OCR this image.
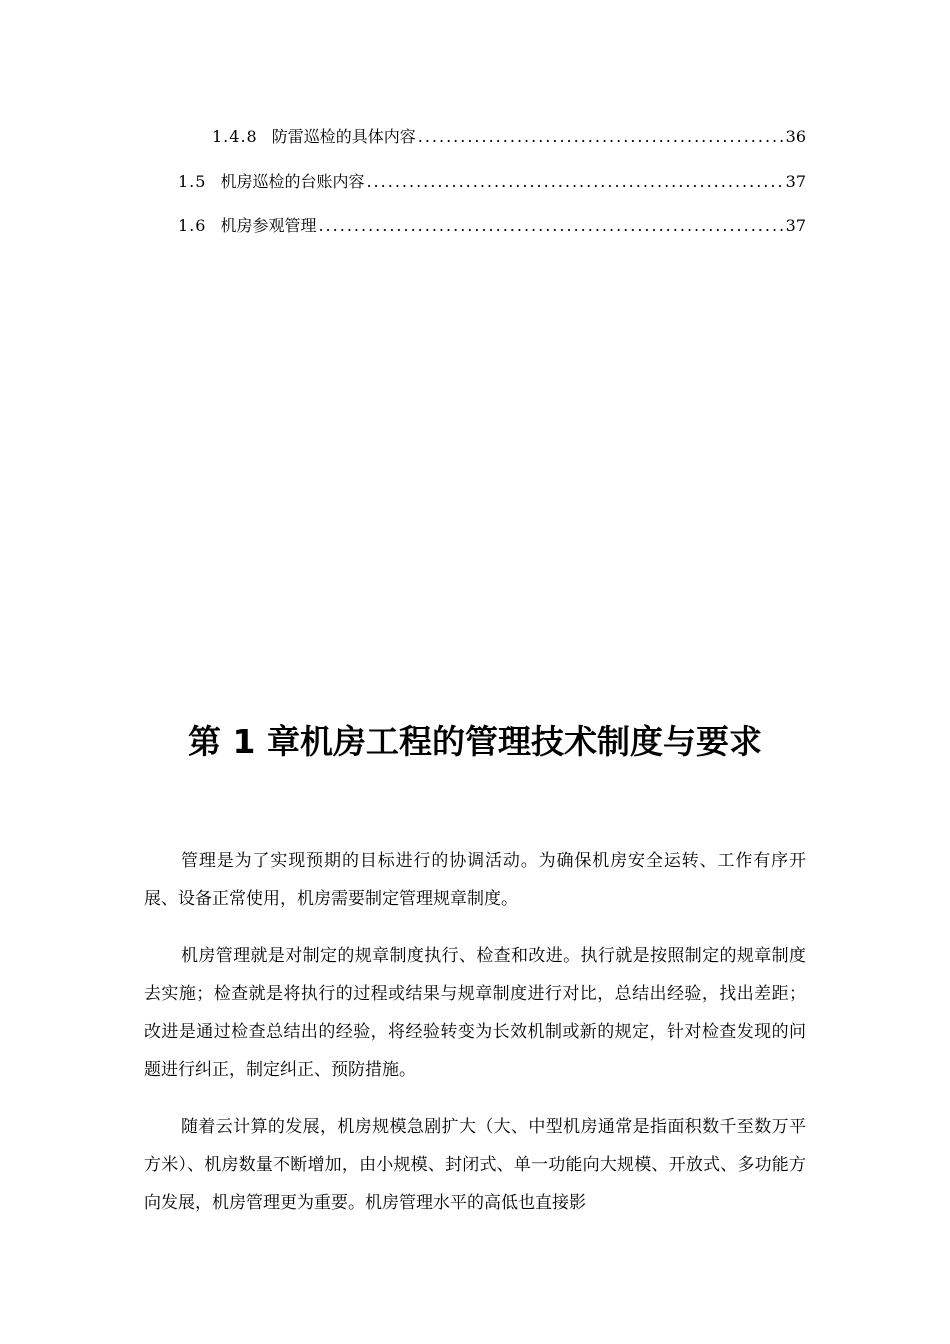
1.4.8 防雷巡检的具体内容 .....	36
1.5 机房巡检的台账内容 .....	37
1.6 机房参观管理 .....	37
第 1 章机房工程的管理技术制度与要求

管理是为了实现预期的目标进行的协调活动。为确保机房安全运转、工作有序开展、设备正常使用，机房需要制定管理规章制度。

机房管理就是对制定的规章制度执行、检查和改进。执行就是按照制定的规章制度去实施；检查就是将执行的过程或结果与规章制度进行对比，总结出经验，找出差距；改进是通过检查总结出的经验，将经验转变为长效机制或新的规定，针对检查发现的问题进行纠正，制定纠正、预防措施。

随着云计算的发展，机房规模急剧扩大（大、中型机房通常是指面积数千至数万平方米）、机房数量不断增加，由小规模、封闭式、单一功能向大规模、开放式、多功能方向发展，机房管理更为重要。机房管理水平的高低也直接影
